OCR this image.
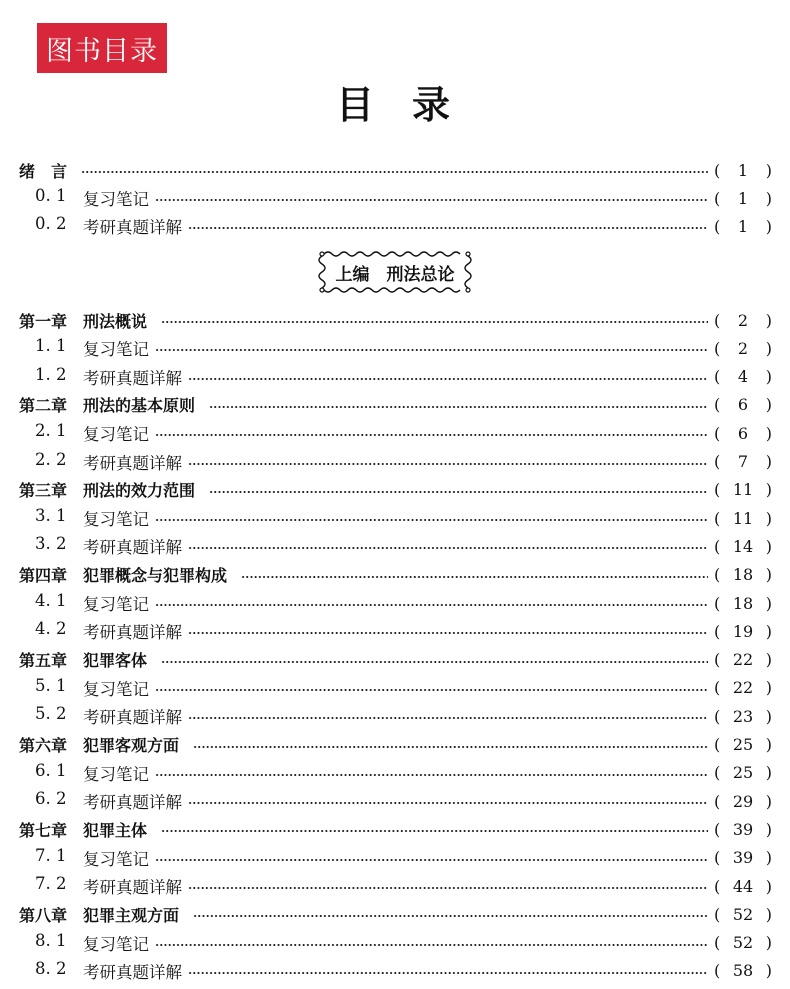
图书目录
目 录
上编　刑法总论
绪　言	(	1	)
0. 1	复习笔记	(	1	)
0. 2	考研真题详解	(	1	)
第一章　刑法概说	(	2	)
1. 1	复习笔记	(	2	)
1. 2	考研真题详解	(	4	)
第二章　刑法的基本原则	(	6	)
2. 1	复习笔记	(	6	)
2. 2	考研真题详解	(	7	)
第三章　刑法的效力范围	( 11 )
3. 1	复习笔记	( 11 )
3. 2	考研真题详解	( 14 )
第四章　犯罪概念与犯罪构成	( 18 )
4. 1	复习笔记	( 18 )
4. 2	考研真题详解	( 19 )
第五章　犯罪客体	( 22 )
5. 1	复习笔记	( 22 )
5. 2	考研真题详解	( 23 )
第六章　犯罪客观方面	( 25 )
6. 1	复习笔记	( 25 )
6. 2	考研真题详解	( 29 )
第七章　犯罪主体	( 39 )
7. 1	复习笔记	( 39 )
7. 2	考研真题详解	( 44 )
第八章　犯罪主观方面	( 52 )
8. 1	复习笔记	( 52 )
8. 2	考研真题详解	( 58 )
